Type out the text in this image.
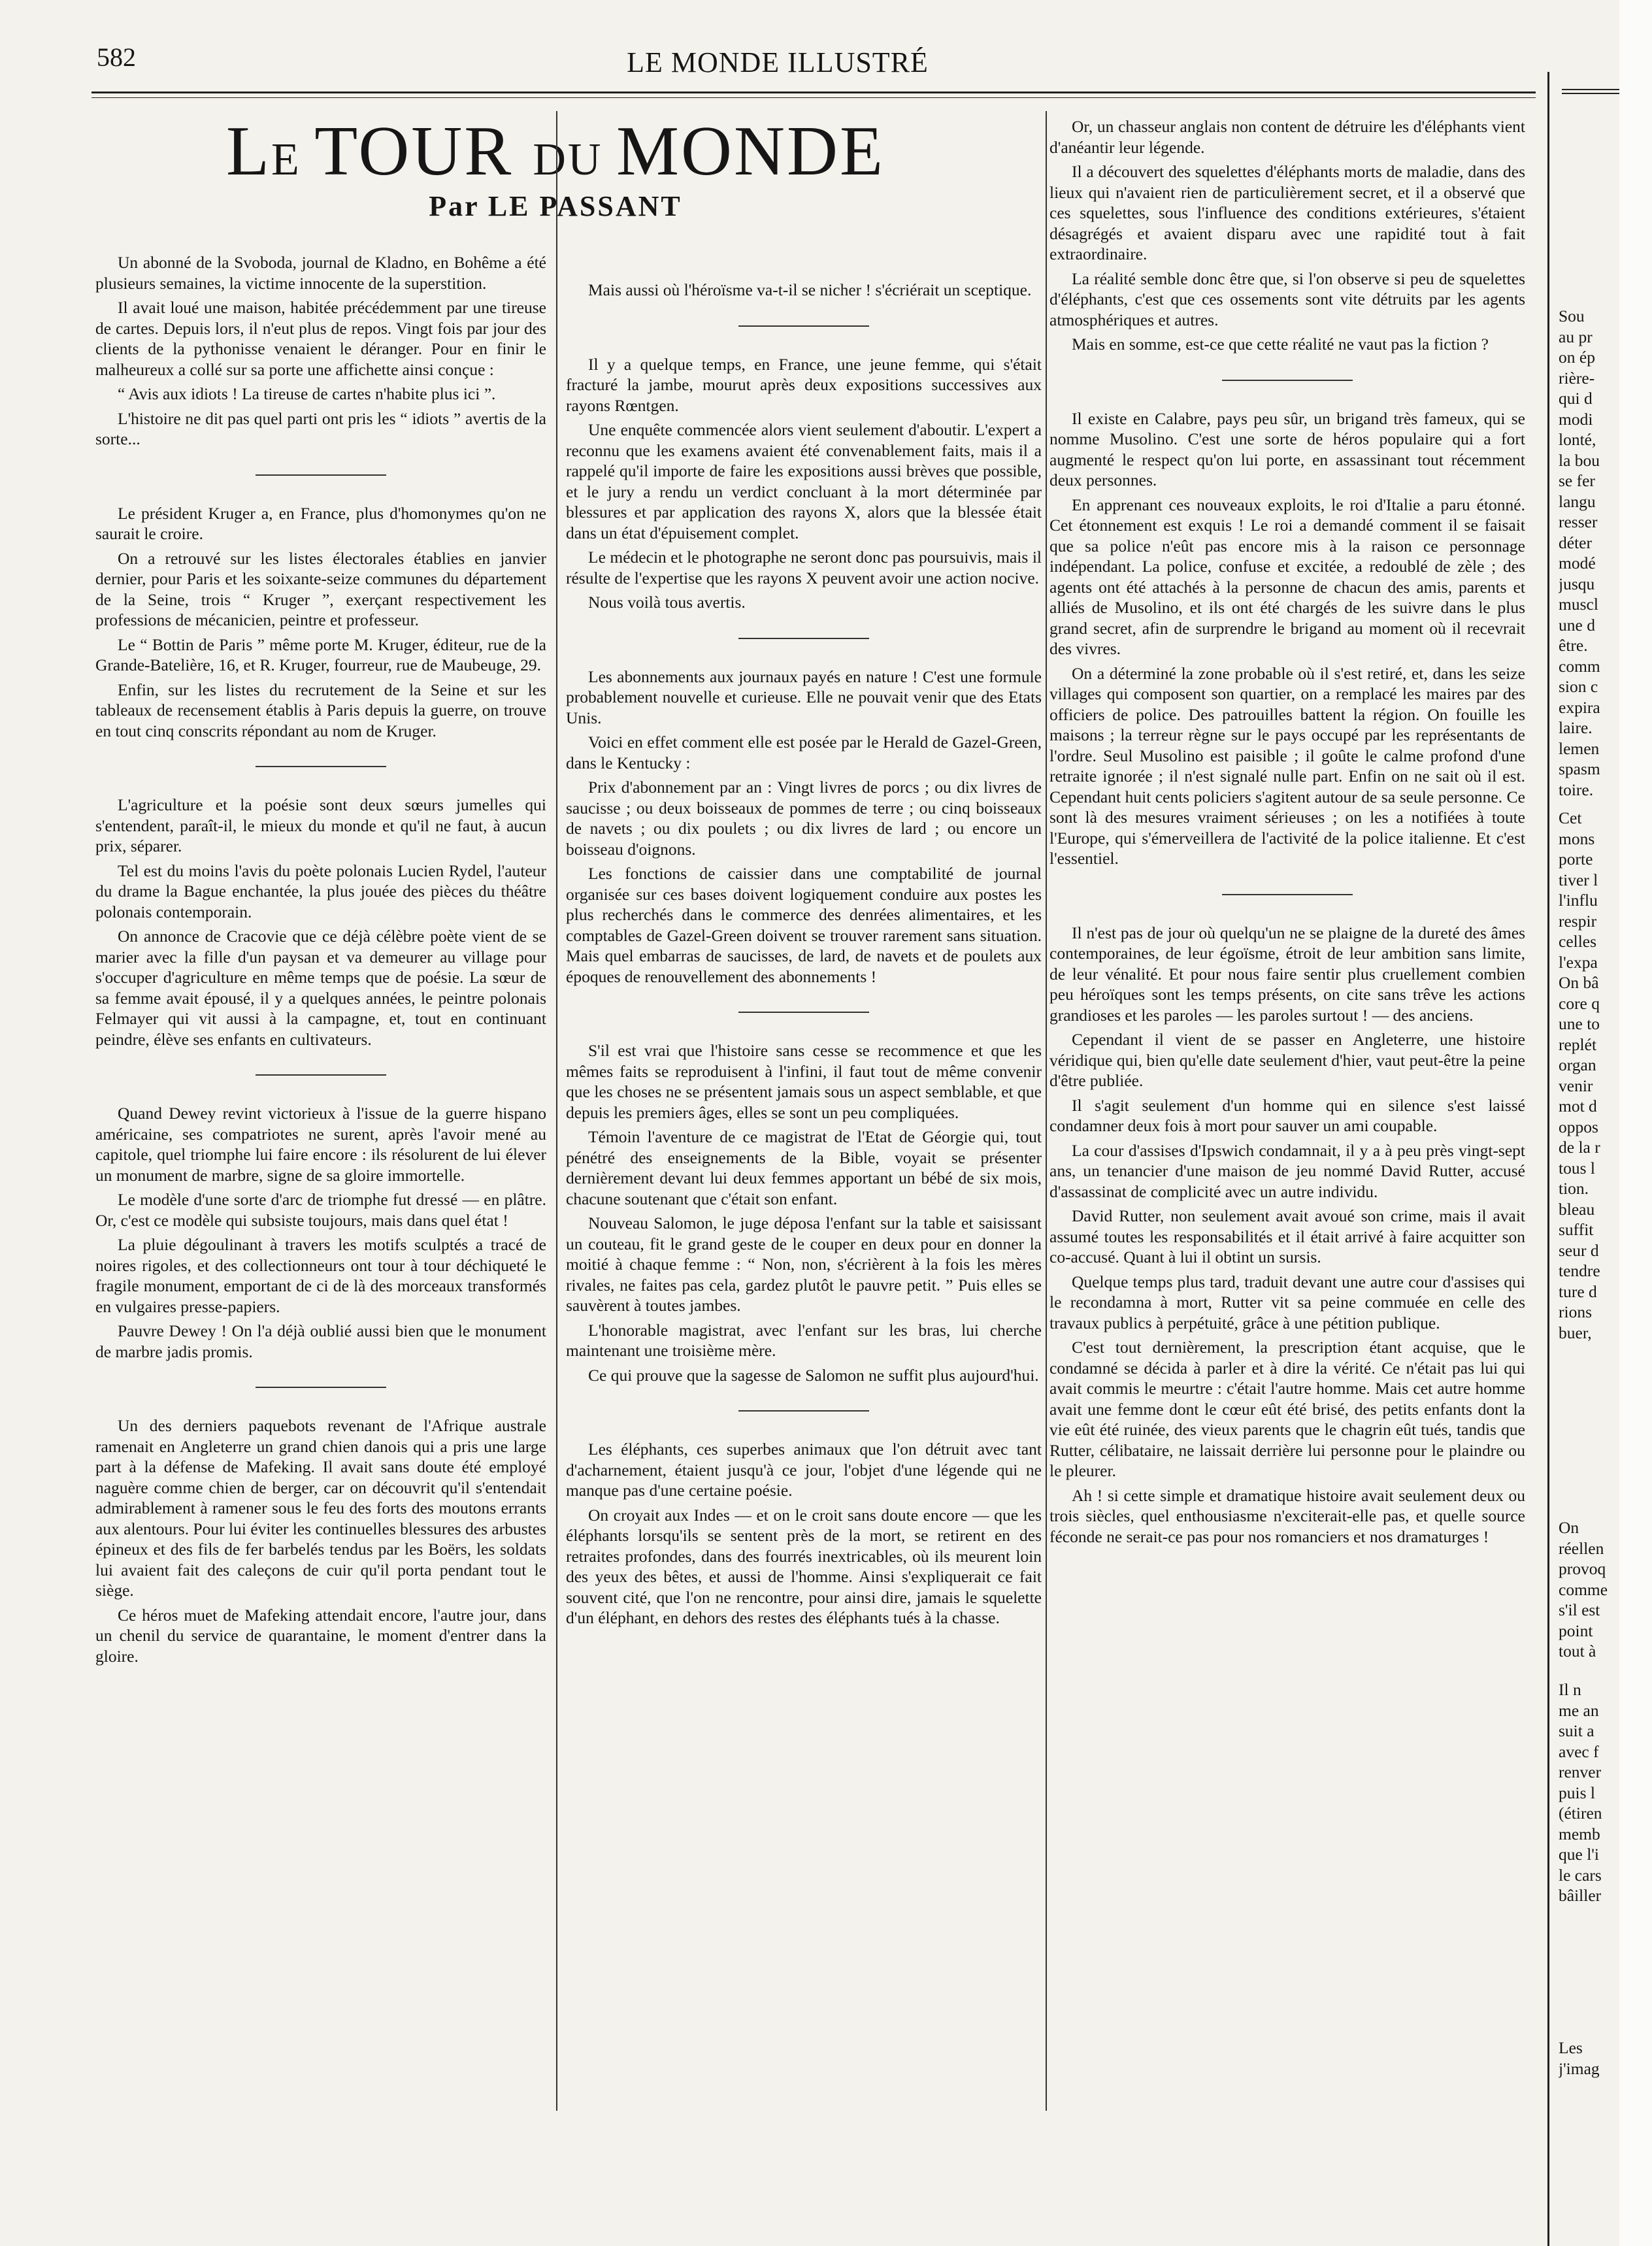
582	LE MONDE ILLUSTRÉ
LE TOUR DU MONDE
Par LE PASSANT

Un abonné de la Svoboda, journal de Kladno, en Bohême a été plusieurs semaines, la victime innocente de la superstition.

Il avait loué une maison, habitée précédemment par une tireuse de cartes. Depuis lors, il n'eut plus de repos. Vingt fois par jour des clients de la pythonisse venaient le déranger. Pour en finir le malheureux a collé sur sa porte une affichette ainsi conçue :

“ Avis aux idiots ! La tireuse de cartes n'habite plus ici ”.

L'histoire ne dit pas quel parti ont pris les “ idiots ” avertis de la sorte...

Le président Kruger a, en France, plus d'homonymes qu'on ne saurait le croire.

On a retrouvé sur les listes électorales établies en janvier dernier, pour Paris et les soixante-seize communes du département de la Seine, trois “ Kruger ”, exerçant respectivement les professions de mécanicien, peintre et professeur.

Le “ Bottin de Paris ” même porte M. Kruger, éditeur, rue de la Grande-Batelière, 16, et R. Kruger, fourreur, rue de Maubeuge, 29.

Enfin, sur les listes du recrutement de la Seine et sur les tableaux de recensement établis à Paris depuis la guerre, on trouve en tout cinq conscrits répondant au nom de Kruger.

L'agriculture et la poésie sont deux sœurs jumelles qui s'entendent, paraît-il, le mieux du monde et qu'il ne faut, à aucun prix, séparer.

Tel est du moins l'avis du poète polonais Lucien Rydel, l'auteur du drame la Bague enchantée, la plus jouée des pièces du théâtre polonais contemporain.

On annonce de Cracovie que ce déjà célèbre poète vient de se marier avec la fille d'un paysan et va demeurer au village pour s'occuper d'agriculture en même temps que de poésie. La sœur de sa femme avait épousé, il y a quelques années, le peintre polonais Felmayer qui vit aussi à la campagne, et, tout en continuant peindre, élève ses enfants en cultivateurs.

Quand Dewey revint victorieux à l'issue de la guerre hispano américaine, ses compatriotes ne surent, après l'avoir mené au capitole, quel triomphe lui faire encore : ils résolurent de lui élever un monument de marbre, signe de sa gloire immortelle.

Le modèle d'une sorte d'arc de triomphe fut dressé — en plâtre. Or, c'est ce modèle qui subsiste toujours, mais dans quel état !

La pluie dégoulinant à travers les motifs sculptés a tracé de noires rigoles, et des collectionneurs ont tour à tour déchiqueté le fragile monument, emportant de ci de là des morceaux transformés en vulgaires presse-papiers.

Pauvre Dewey ! On l'a déjà oublié aussi bien que le monument de marbre jadis promis.

Un des derniers paquebots revenant de l'Afrique australe ramenait en Angleterre un grand chien danois qui a pris une large part à la défense de Mafeking. Il avait sans doute été employé naguère comme chien de berger, car on découvrit qu'il s'entendait admirablement à ramener sous le feu des forts des moutons errants aux alentours. Pour lui éviter les continuelles blessures des arbustes épineux et des fils de fer barbelés tendus par les Boërs, les soldats lui avaient fait des caleçons de cuir qu'il porta pendant tout le siège.

Ce héros muet de Mafeking attendait encore, l'autre jour, dans un chenil du service de quarantaine, le moment d'entrer dans la gloire.

Mais aussi où l'héroïsme va-t-il se nicher ! s'écriérait un sceptique.

Il y a quelque temps, en France, une jeune femme, qui s'était fracturé la jambe, mourut après deux expositions successives aux rayons Rœntgen.

Une enquête commencée alors vient seulement d'aboutir. L'expert a reconnu que les examens avaient été convenablement faits, mais il a rappelé qu'il importe de faire les expositions aussi brèves que possible, et le jury a rendu un verdict concluant à la mort déterminée par blessures et par application des rayons X, alors que la blessée était dans un état d'épuisement complet.

Le médecin et le photographe ne seront donc pas poursuivis, mais il résulte de l'expertise que les rayons X peuvent avoir une action nocive.

Nous voilà tous avertis.

Les abonnements aux journaux payés en nature ! C'est une formule probablement nouvelle et curieuse. Elle ne pouvait venir que des Etats Unis.

Voici en effet comment elle est posée par le Herald de Gazel-Green, dans le Kentucky :

Prix d'abonnement par an : Vingt livres de porcs ; ou dix livres de saucisse ; ou deux boisseaux de pommes de terre ; ou cinq boisseaux de navets ; ou dix poulets ; ou dix livres de lard ; ou encore un boisseau d'oignons.

Les fonctions de caissier dans une comptabilité de journal organisée sur ces bases doivent logiquement conduire aux postes les plus recherchés dans le commerce des denrées alimentaires, et les comptables de Gazel-Green doivent se trouver rarement sans situation. Mais quel embarras de saucisses, de lard, de navets et de poulets aux époques de renouvellement des abonnements !

S'il est vrai que l'histoire sans cesse se recommence et que les mêmes faits se reproduisent à l'infini, il faut tout de même convenir que les choses ne se présentent jamais sous un aspect semblable, et que depuis les premiers âges, elles se sont un peu compliquées.

Témoin l'aventure de ce magistrat de l'Etat de Géorgie qui, tout pénétré des enseignements de la Bible, voyait se présenter dernièrement devant lui deux femmes apportant un bébé de six mois, chacune soutenant que c'était son enfant.

Nouveau Salomon, le juge déposa l'enfant sur la table et saisissant un couteau, fit le grand geste de le couper en deux pour en donner la moitié à chaque femme : “ Non, non, s'écrièrent à la fois les mères rivales, ne faites pas cela, gardez plutôt le pauvre petit. ” Puis elles se sauvèrent à toutes jambes.

L'honorable magistrat, avec l'enfant sur les bras, lui cherche maintenant une troisième mère.

Ce qui prouve que la sagesse de Salomon ne suffit plus aujourd'hui.

Les éléphants, ces superbes animaux que l'on détruit avec tant d'acharnement, étaient jusqu'à ce jour, l'objet d'une légende qui ne manque pas d'une certaine poésie.

On croyait aux Indes — et on le croit sans doute encore — que les éléphants lorsqu'ils se sentent près de la mort, se retirent en des retraites profondes, dans des fourrés inextricables, où ils meurent loin des yeux des bêtes, et aussi de l'homme. Ainsi s'expliquerait ce fait souvent cité, que l'on ne rencontre, pour ainsi dire, jamais le squelette d'un éléphant, en dehors des restes des éléphants tués à la chasse.

Or, un chasseur anglais non content de détruire les d'éléphants vient d'anéantir leur légende.

Il a découvert des squelettes d'éléphants morts de maladie, dans des lieux qui n'avaient rien de particulièrement secret, et il a observé que ces squelettes, sous l'influence des conditions extérieures, s'étaient désagrégés et avaient disparu avec une rapidité tout à fait extraordinaire.

La réalité semble donc être que, si l'on observe si peu de squelettes d'éléphants, c'est que ces ossements sont vite détruits par les agents atmosphériques et autres.

Mais en somme, est-ce que cette réalité ne vaut pas la fiction ?

Il existe en Calabre, pays peu sûr, un brigand très fameux, qui se nomme Musolino. C'est une sorte de héros populaire qui a fort augmenté le respect qu'on lui porte, en assassinant tout récemment deux personnes.

En apprenant ces nouveaux exploits, le roi d'Italie a paru étonné. Cet étonnement est exquis ! Le roi a demandé comment il se faisait que sa police n'eût pas encore mis à la raison ce personnage indépendant. La police, confuse et excitée, a redoublé de zèle ; des agents ont été attachés à la personne de chacun des amis, parents et alliés de Musolino, et ils ont été chargés de les suivre dans le plus grand secret, afin de surprendre le brigand au moment où il recevrait des vivres.

On a déterminé la zone probable où il s'est retiré, et, dans les seize villages qui composent son quartier, on a remplacé les maires par des officiers de police. Des patrouilles battent la région. On fouille les maisons ; la terreur règne sur le pays occupé par les représentants de l'ordre. Seul Musolino est paisible ; il goûte le calme profond d'une retraite ignorée ; il n'est signalé nulle part. Enfin on ne sait où il est. Cependant huit cents policiers s'agitent autour de sa seule personne. Ce sont là des mesures vraiment sérieuses ; on les a notifiées à toute l'Europe, qui s'émerveillera de l'activité de la police italienne. Et c'est l'essentiel.

Il n'est pas de jour où quelqu'un ne se plaigne de la dureté des âmes contemporaines, de leur égoïsme, étroit de leur ambition sans limite, de leur vénalité. Et pour nous faire sentir plus cruellement combien peu héroïques sont les temps présents, on cite sans trêve les actions grandioses et les paroles — les paroles surtout ! — des anciens.

Cependant il vient de se passer en Angleterre, une histoire véridique qui, bien qu'elle date seulement d'hier, vaut peut-être la peine d'être publiée.

Il s'agit seulement d'un homme qui en silence s'est laissé condamner deux fois à mort pour sauver un ami coupable.

La cour d'assises d'Ipswich condamnait, il y a à peu près vingt-sept ans, un tenancier d'une maison de jeu nommé David Rutter, accusé d'assassinat de complicité avec un autre individu.

David Rutter, non seulement avait avoué son crime, mais il avait assumé toutes les responsabilités et il était arrivé à faire acquitter son co-accusé. Quant à lui il obtint un sursis.

Quelque temps plus tard, traduit devant une autre cour d'assises qui le recondamna à mort, Rutter vit sa peine commuée en celle des travaux publics à perpétuité, grâce à une pétition publique.

C'est tout dernièrement, la prescription étant acquise, que le condamné se décida à parler et à dire la vérité. Ce n'était pas lui qui avait commis le meurtre : c'était l'autre homme. Mais cet autre homme avait une femme dont le cœur eût été brisé, des petits enfants dont la vie eût été ruinée, des vieux parents que le chagrin eût tués, tandis que Rutter, célibataire, ne laissait derrière lui personne pour le plaindre ou le pleurer.

Ah ! si cette simple et dramatique histoire avait seulement deux ou trois siècles, quel enthousiasme n'exciterait-elle pas, et quelle source féconde ne serait-ce pas pour nos romanciers et nos dramaturges !

Sou
au pr
on ép
rière-
qui d
modi
lonté,
la bou
se fer
langu
resser
déter
modé
jusqu
muscl
une d
être.
comm
sion c
expira
laire.
lemen
spasm
toire.
Cet
mons
porte
tiver l
l'influ
respir
celles
l'expa
On bâ
core q
une to
replét
organ
venir
mot d
oppos
de la r
tous l
tion.
bleau
suffit
seur d
tendre
ture d
rions
buer,
On
réellen
provoq
comme
s'il est
point
tout à
Il n
me an
suit a
avec f
renver
puis l
(étiren
memb
que l'i
le cars
bâiller
Les
j'imag
